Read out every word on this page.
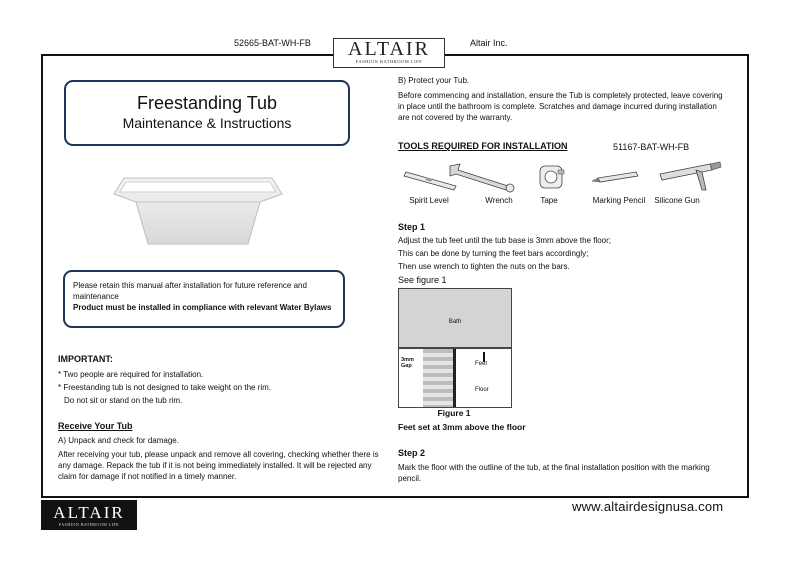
52665-BAT-WH-FB	Altair Inc.
ALTAIR
FASHION BATHROOM LIFE
Freestanding Tub
Maintenance & Instructions
Please retain this manual after installation for future reference and
maintenance
Product must be installed in compliance with relevant Water Bylaws
IMPORTANT:
* Two people are required for installation.
* Freestanding tub is not designed to take weight on the rim.
Do not sit or stand on the tub rim.
Receive Your Tub
A) Unpack and check for damage.
After receiving your tub, please unpack and remove all covering, checking whether there is
any damage. Repack the tub if it is not being immediately installed. It will be rejected any
claim for damage if not notified in a timely manner.
B) Protect your Tub.
Before commencing and installation, ensure the Tub is completely protected, leave covering
in place until the bathroom is complete. Scratches and damage incurred during installation
are not covered by the warranty.
TOOLS REQUIRED FOR INSTALLATION	51167-BAT-WH-FB
Spirit Level	Wrench	Tape	Marking Pencil	Silicone Gun
Step 1
Adjust the tub feet until the tub base is 3mm above the floor;
This can be done by turning the feet bars accordingly;
Then use wrench to tighten the nuts on the bars.
See figure 1
Bath
3mm
Gap	Feet
Floor
Figure 1
Feet set at 3mm above the floor
Step 2
Mark the floor with the outline of the tub, at the final installation position with the marking
pencil.
ALTAIR
FASHION BATHROOM LIFE
www.altairdesignusa.com
